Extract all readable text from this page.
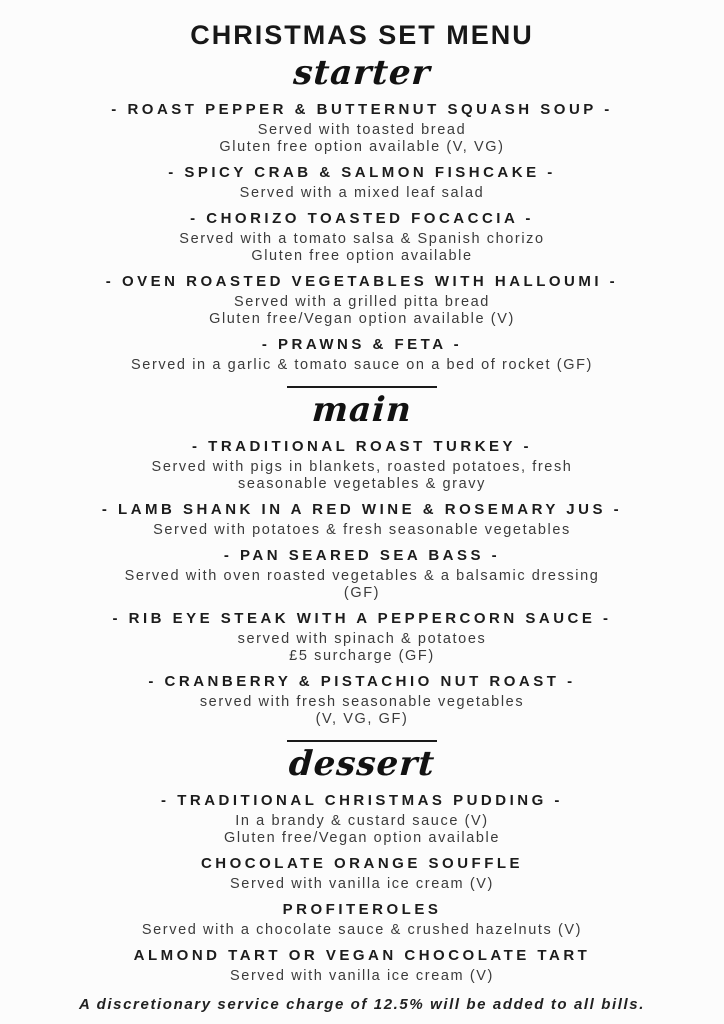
CHRISTMAS SET MENU
starter
- ROAST PEPPER & BUTTERNUT SQUASH SOUP -
Served with toasted bread
Gluten free option available (V, VG)
- SPICY CRAB & SALMON FISHCAKE -
Served with a mixed leaf salad
- CHORIZO TOASTED FOCACCIA -
Served with a tomato salsa & Spanish chorizo
Gluten free option available
- OVEN ROASTED VEGETABLES WITH HALLOUMI -
Served with a grilled pitta bread
Gluten free/Vegan option available (V)
- PRAWNS & FETA -
Served in a garlic & tomato sauce on a bed of rocket (GF)
main
- TRADITIONAL ROAST TURKEY -
Served with pigs in blankets, roasted potatoes, fresh
seasonable vegetables & gravy
- LAMB SHANK IN A RED WINE & ROSEMARY JUS -
Served with potatoes & fresh seasonable vegetables
- PAN SEARED SEA BASS -
Served with oven roasted vegetables & a balsamic dressing
(GF)
- RIB EYE STEAK WITH A PEPPERCORN SAUCE -
served with spinach & potatoes
£5 surcharge (GF)
- CRANBERRY & PISTACHIO NUT ROAST -
served with fresh seasonable vegetables
(V, VG, GF)
dessert
- TRADITIONAL CHRISTMAS PUDDING -
In a brandy & custard sauce (V)
Gluten free/Vegan option available
CHOCOLATE ORANGE SOUFFLE
Served with vanilla ice cream (V)
PROFITEROLES
Served with a chocolate sauce & crushed hazelnuts (V)
ALMOND TART OR VEGAN CHOCOLATE TART
Served with vanilla ice cream (V)
A discretionary service charge of 12.5% will be added to all bills.
